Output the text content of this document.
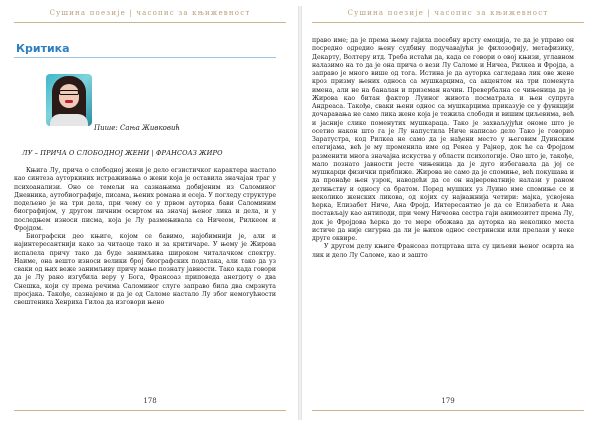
Сушина поезије | часопис за књижевност
Критика
Пише: Сања Живковић
ЛУ – ПРИЧА О СЛОБОДНОЈ ЖЕНИ | ФРАНСОАЗ ЖИРО

Књига Лу, прича о слободној жени је дело егзистичког карактера настало као синтеза ауторкиних истраживања о жени која је оставила значајан траг у психоанализи. Оно се темељи на сазнањима добијеним из Саломиног Дневника, аутобиографије, писама, њених романа и есеја. У погледу структуре подељено је на три дела, при чему се у првом ауторка бави Саломиним биографијом, у другом личним освртом на значај њеног лика и дела, и у последњем износи писма, која је Лу размењивала са Ничеом, Рилкеом и Фројдом.

Биографски део књиге, којом се бавимо, најобимнији је, али и најинтересантнији како за читаоце тако и за критичаре. У њему је Жирова испалела причу тако да буде занимљива широком читалачком спектру. Наиме, она вешто износи велики број биографских података, али тако да уз сваки од њих веже занимљиву причу мање познату јавности. Тако када говори да је Лу рано изгубила веру у Бога, Франсоаз приповеда анегдоту о два Снешка, који су према речима Саломиног слуге заправо била два смрзнута просјака. Такође, сазнајемо и да је од Саломе настало Лу због немогућности свештеника Хенриха Гилоа да изговори њено

178
Сушина поезије | часопис за књижевност

право име; да је према њему гајила посебну врсту емоција, те да је управо он посредно одредио њену судбину подучавајући је филозофију, метафизику, Декарту, Волтеру итд. Треба истаћи да, када се говори о овој књизи, углавном налазимо на то да је она прича о вези Лу Саломе и Ничеа, Рилкеа и Фројда, а заправо је много више од тога. Истина је да ауторка сагледава лик ове жене кроз призму њених односа са мушкарцима, са акцентом на три поменута имена, али не на баналан и призeман начин. Превербалнa се чињеница да је Жирова као битан фактор Луиног живота посматрала и њен супруга Андреаса. Такође, свaки њени однос са мушкарцима приказује се у функцији дочаравања не само лика жене која је тежила слободи и вишим циљевима, већ и јасније слике поменутих мушкараца. Тако је захваљујући ономе што је осетио након што га је Лу напустила Ниче написао дело Тако је говорио Заратустра, код Рилкеа не само да је нађени место у његовим Дуинским елегијама, већ је му променила име од Ренеа у Рајнер, док ће са Фројдом разменити многа значајна искуства у области психологије. Оно што је, такође, мало познато јавности јесте чињеница да је дуго избегавала да јој се мушкарци физички приближе. Жирова не само да је спомиње, већ покушава и да пронађе њен узрок, наводећи да се он највероватније налази у раном детињству и односу са братом. Поред мушких уз Луино име спомиње се и неколико женских ликова, од којих су најважнија четири: мајка, усвојена ћерка, Елизабет Ниче, Ана Фројд. Интересантно је да се Елизабета и Ана постављају као антиподи, при чему Ничеова сестра гаји анимозитет према Лу, док је Фројдова ћерка до те мере обожава да ауторка на неколико места истиче да није сигурна да ли је њихов однос сестрински или прелази у неке друге оквире.

У другом делу књиге Франсоаз потцртава шта су циљеви њеног осврта на лик и дело Лу Саломе, као и зашто

179
